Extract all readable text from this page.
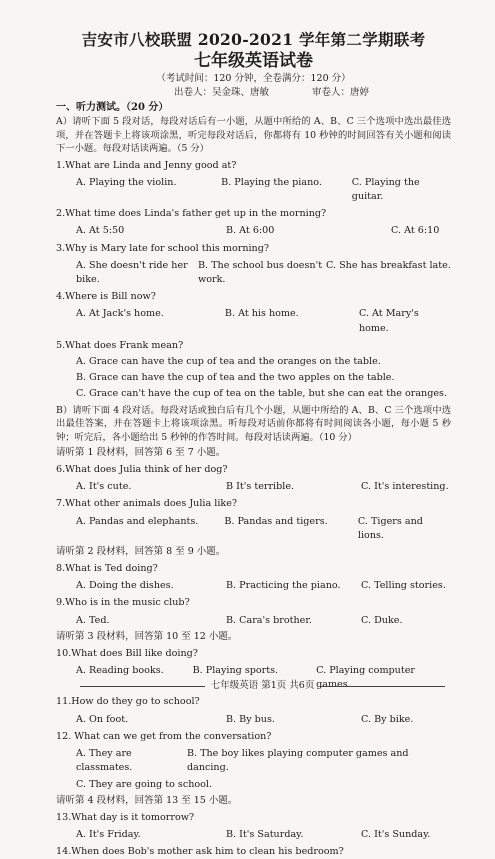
吉安市八校联盟 2020-2021 学年第二学期联考
七年级英语试卷
（考试时间：120 分钟，全卷满分：120 分）
出卷人：吴金珠、唐敏	审卷人：唐婷
一、听力测试。（20 分）
A）请听下面 5 段对话，每段对话后有一小题，从题中所给的 A、B、C 三个选项中选出最佳选项，并在答题卡上将该项涂黑，听完每段对话后，你都将有 10 秒钟的时间回答有关小题和阅读下一小题。每段对话读两遍。（5 分）
1.What are Linda and Jenny good at?
A. Playing the violin.	B. Playing the piano.	C. Playing the guitar.
2.What time does Linda's father get up in the morning?
A. At 5:50	B. At 6:00	C. At 6:10
3.Why is Mary late for school this morning?
A. She doesn't ride her bike.
B. The school bus doesn't work.
C. She has breakfast late.
4.Where is Bill now?
A. At Jack's home.	B. At his home.	C. At Mary's home.
5.What does Frank mean?
A. Grace can have the cup of tea and the oranges on the table.
B. Grace can have the cup of tea and the two apples on the table.
C. Grace can't have the cup of tea on the table, but she can eat the oranges.
B）请听下面 4 段对话。每段对话或独白后有几个小题，从题中所给的 A、B、C 三个选项中选出最佳答案，并在答题卡上将该项涂黑。听每段对话前你都将有时间阅读各小题，每小题 5 秒钟；听完后，各小题给出 5 秒钟的作答时间。每段对话读两遍。（10 分）
请听第 1 段材料，回答第 6 至 7 小题。
6.What does Julia think of her dog?
A. It's cute.	B It's terrible.	C. It's interesting.
7.What other animals does Julia like?
A. Pandas and elephants.	B. Pandas and tigers.	C. Tigers and lions.
请听第 2 段材料，回答第 8 至 9 小题。
8.What is Ted doing?
A. Doing the dishes.	B. Practicing the piano.	C. Telling stories.
9.Who is in the music club?
A. Ted.	B. Cara's brother.	C. Duke.
请听第 3 段材料，回答第 10 至 12 小题。
10.What does Bill like doing?
A. Reading books.	B. Playing sports.	C. Playing computer games.
11.How do they go to school?
A. On foot.	B. By bus.	C. By bike.
12. What can we get from the conversation?
A. They are classmates.
B. The boy likes playing computer games and dancing.
C. They are going to school.
请听第 4 段材料，回答第 13 至 15 小题。
13.What day is it tomorrow?
A. It's Friday.	B. It's Saturday.	C. It's Sunday.
14.When does Bob's mother ask him to clean his bedroom?
七年级英语 第1页 共6页
